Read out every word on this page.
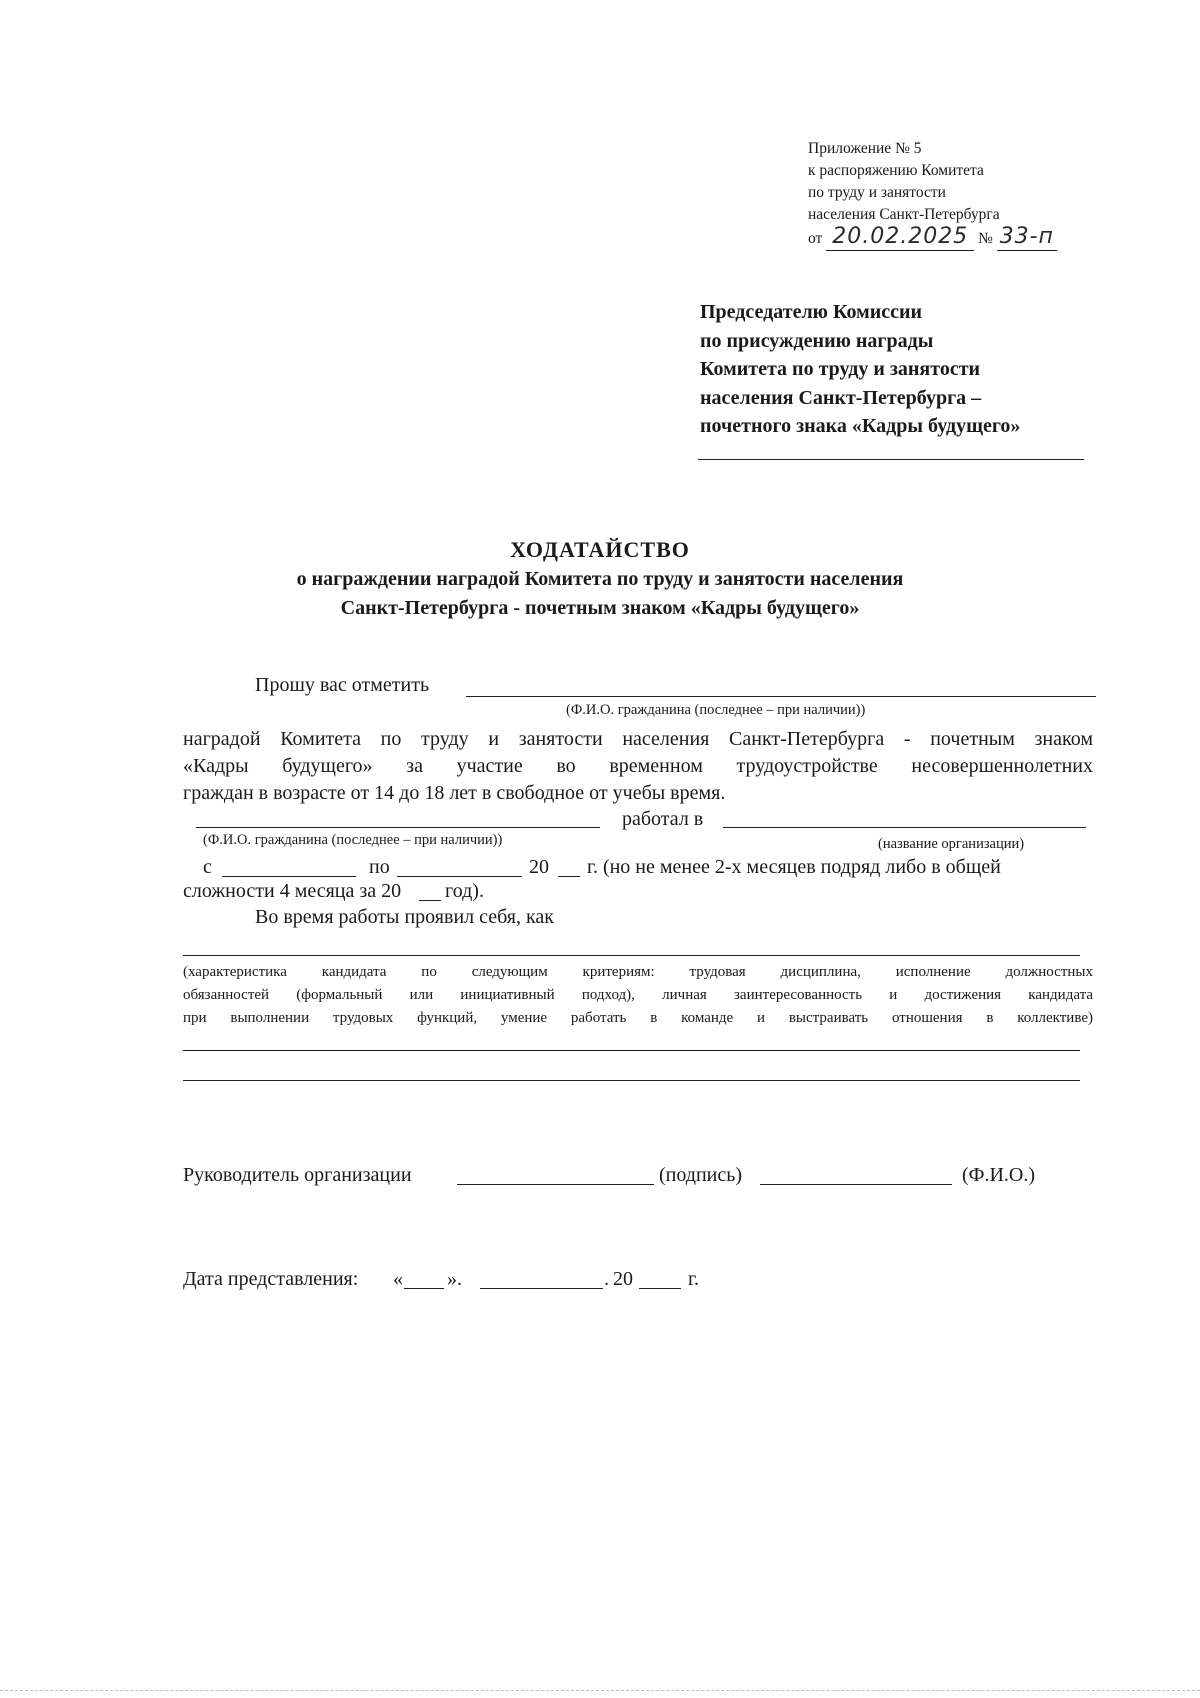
Приложение № 5
к распоряжению Комитета
по труду и занятости
населения Санкт-Петербурга
от 20.02.2025 № 33-п
Председателю Комиссии
по присуждению награды
Комитета по труду и занятости
населения Санкт-Петербурга –
почетного знака «Кадры будущего»
ХОДАТАЙСТВО
о награждении наградой Комитета по труду и занятости населения
Санкт-Петербурга - почетным знаком «Кадры будущего»
Прошу вас отметить
(Ф.И.О. гражданина (последнее – при наличии))
наградой Комитета по труду и занятости населения Санкт-Петербурга - почетным знаком
«Кадры будущего» за участие во временном трудоустройстве несовершеннолетних
граждан в возрасте от 14 до 18 лет в свободное от учебы время.
работал в
(Ф.И.О. гражданина (последнее – при наличии))	(название организации)
с	по	20 г. (но не менее 2-х месяцев подряд либо в общей
сложности 4 месяца за 20 год).
Во время работы проявил себя, как
(характеристика кандидата по следующим критериям: трудовая дисциплина, исполнение должностных
обязанностей (формальный или инициативный подход), личная заинтересованность и достижения кандидата
при выполнении трудовых функций, умение работать в команде и выстраивать отношения в коллективе)
Руководитель организации	(подпись)	(Ф.И.О.)
Дата представления: « ».	. 20	г.
